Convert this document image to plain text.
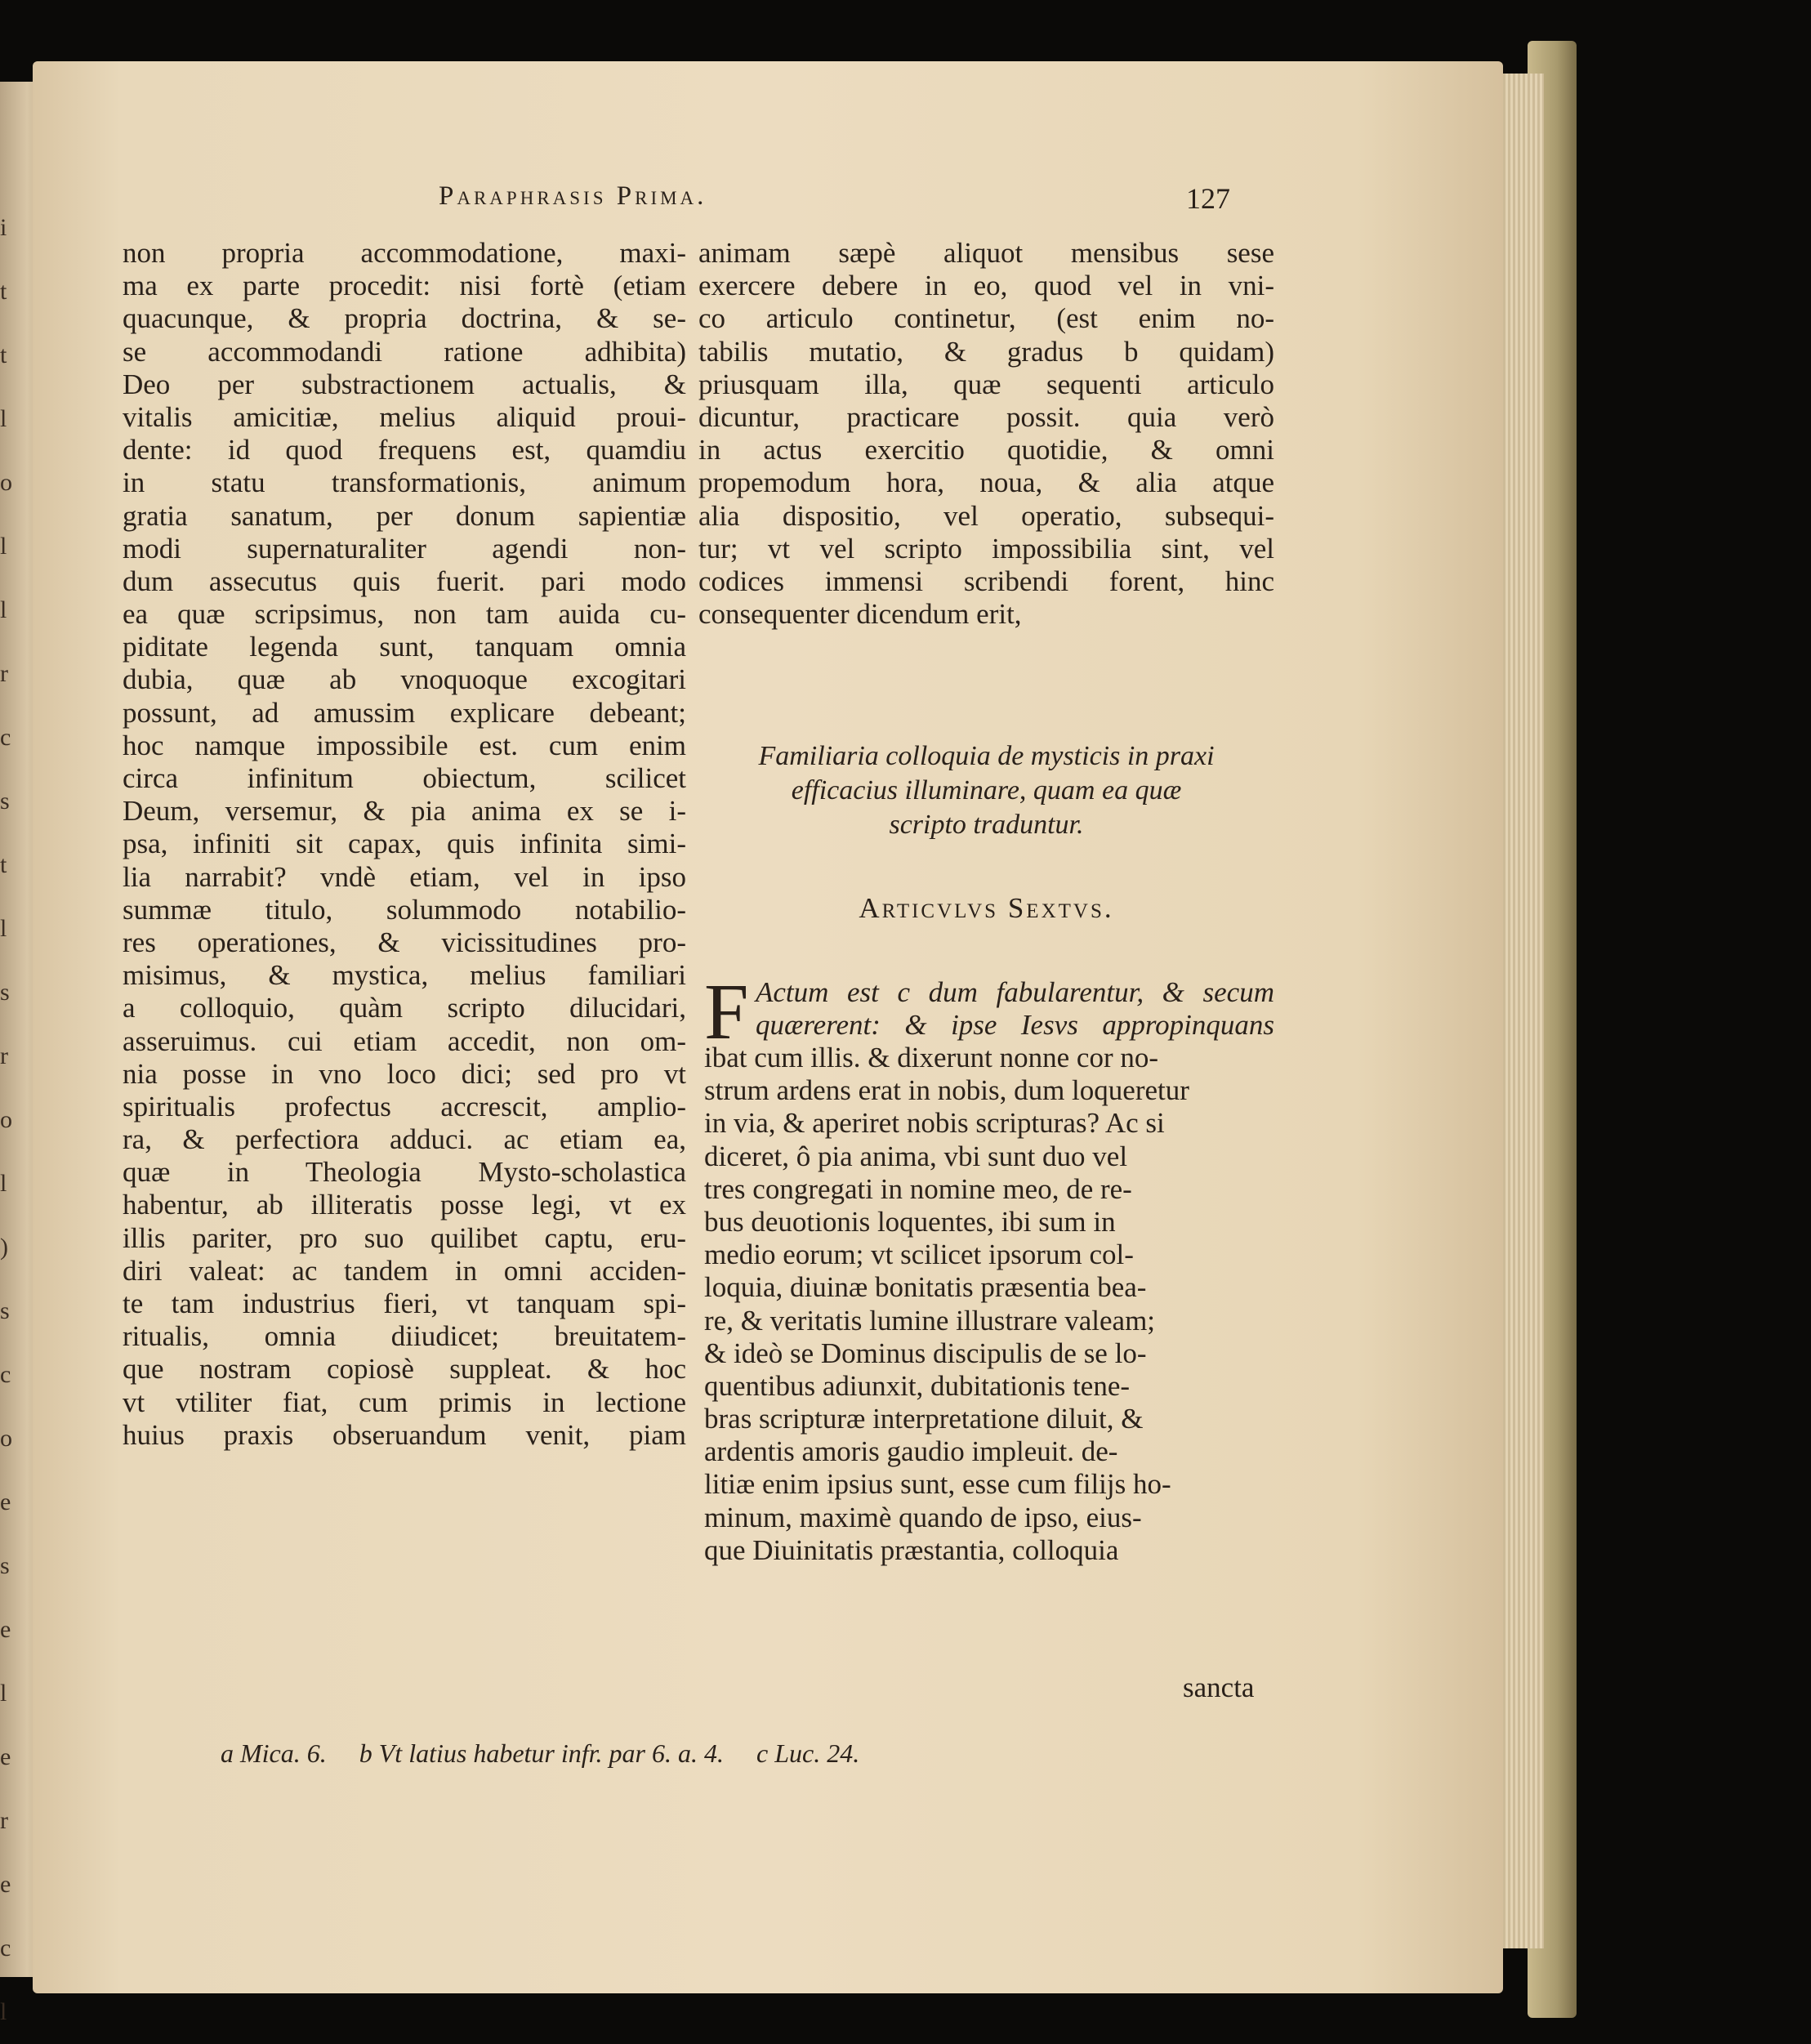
i
t
t
l
o
l
l
r
c
s
t
l
s
r
o
l
)
s
c
o
e
s
e
l
e
r
e
c
l
Paraphrasis Prima.	127
non propria accommodatione, maxi-
ma ex parte procedit: nisi fortè (etiam
quacunque, & propria doctrina, & se-
se accommodandi ratione adhibita)
Deo per substractionem actualis, &
vitalis amicitiæ, melius aliquid proui-
dente: id quod frequens est, quamdiu
in statu transformationis, animum
gratia sanatum, per donum sapientiæ
modi supernaturaliter agendi non-
dum assecutus quis fuerit. pari modo
ea quæ scripsimus, non tam auida cu-
piditate legenda sunt, tanquam omnia
dubia, quæ ab vnoquoque excogitari
possunt, ad amussim explicare debeant;
hoc namque impossibile est. cum enim
circa infinitum obiectum, scilicet
Deum, versemur, & pia anima ex se i-
psa, infiniti sit capax, quis infinita simi-
lia narrabit? vndè etiam, vel in ipso
summæ titulo, solummodo notabilio-
res operationes, & vicissitudines pro-
misimus, & mystica, melius familiari
a colloquio, quàm scripto dilucidari,
asseruimus. cui etiam accedit, non om-
nia posse in vno loco dici; sed pro vt
spiritualis profectus accrescit, amplio-
ra, & perfectiora adduci. ac etiam ea,
quæ in Theologia Mysto-scholastica
habentur, ab illiteratis posse legi, vt ex
illis pariter, pro suo quilibet captu, eru-
diri valeat: ac tandem in omni acciden-
te tam industrius fieri, vt tanquam spi-
ritualis, omnia diiudicet; breuitatem-
que nostram copiosè suppleat. & hoc
vt vtiliter fiat, cum primis in lectione
huius praxis obseruandum venit, piam
animam sæpè aliquot mensibus sese
exercere debere in eo, quod vel in vni-
co articulo continetur, (est enim no-
tabilis mutatio, & gradus b quidam)
priusquam illa, quæ sequenti articulo
dicuntur, practicare possit. quia verò
in actus exercitio quotidie, & omni
propemodum hora, noua, & alia atque
alia dispositio, vel operatio, subsequi-
tur; vt vel scripto impossibilia sint, vel
codices immensi scribendi forent, hinc
consequenter dicendum erit,
Familiaria colloquia de mysticis in praxi
efficacius illuminare, quam ea quæ
scripto traduntur.
Articvlvs Sextvs.
F Actum est c dum fabularentur, & secum
quærerent: & ipse Iesvs appropinquans
ibat cum illis. & dixerunt nonne cor no-
strum ardens erat in nobis, dum loqueretur
in via, & aperiret nobis scripturas? Ac si
diceret, ô pia anima, vbi sunt duo vel
tres congregati in nomine meo, de re-
bus deuotionis loquentes, ibi sum in
medio eorum; vt scilicet ipsorum col-
loquia, diuinæ bonitatis præsentia bea-
re, & veritatis lumine illustrare valeam;
& ideò se Dominus discipulis de se lo-
quentibus adiunxit, dubitationis tene-
bras scripturæ interpretatione diluit, &
ardentis amoris gaudio impleuit. de-
litiæ enim ipsius sunt, esse cum filijs ho-
minum, maximè quando de ipso, eius-
que Diuinitatis præstantia, colloquia
sancta
a Mica. 6. b Vt latius habetur infr. par 6. a. 4. c Luc. 24.
